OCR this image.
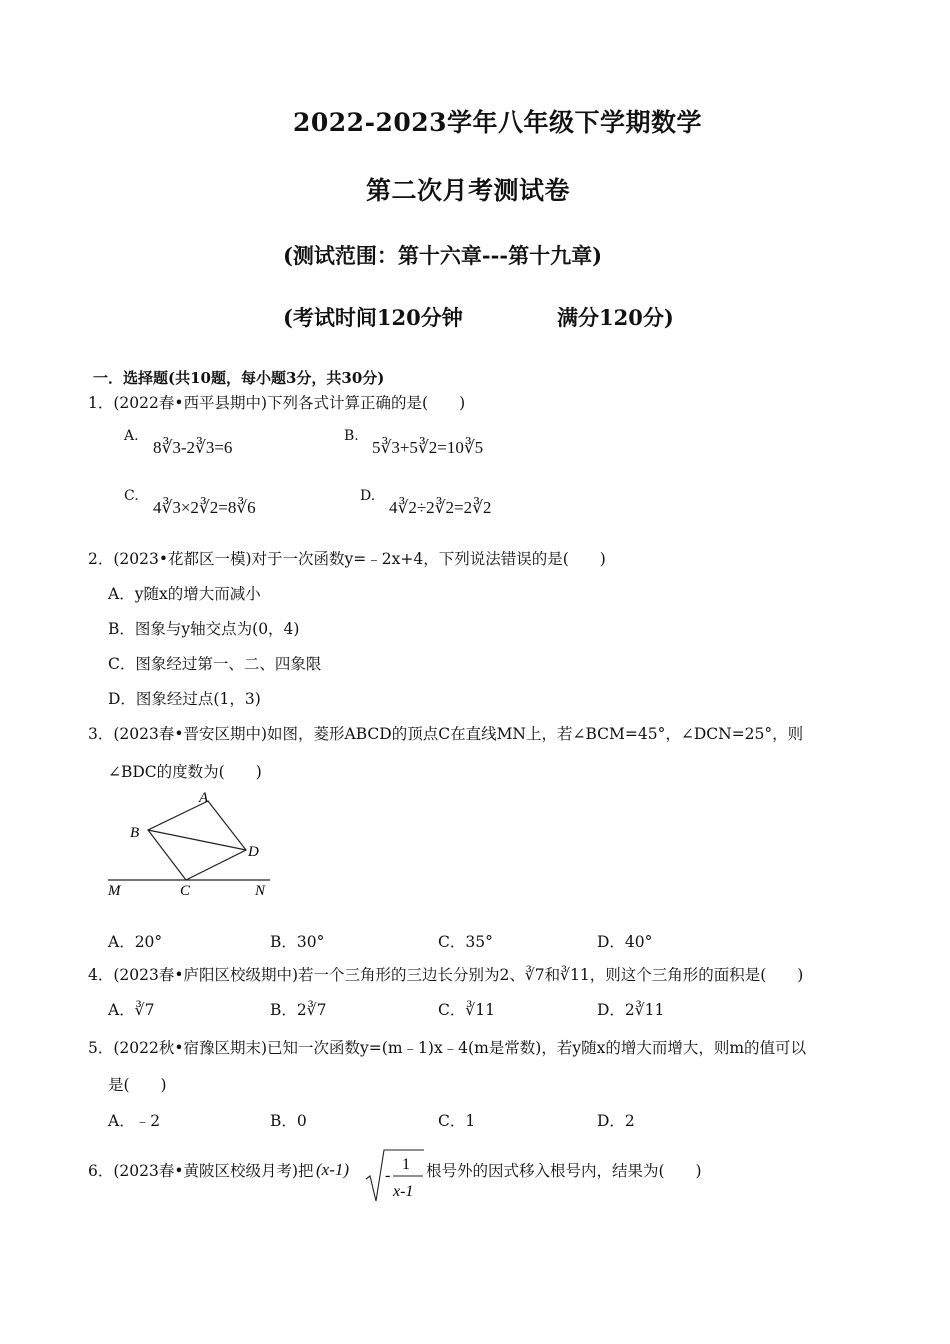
2022-2023学年八年级下学期数学
第二次月考测试卷
(测试范围：第十六章---第十九章)
(考试时间120分钟	满分120分)
一．选择题(共10题，每小题3分，共30分)
1．(2022春•西平县期中)下列各式计算正确的是(　　)
A.
8∛3-2∛3=6
B.
5∛3+5∛2=10∛5
C.
4∛3×2∛2=8∛6
D.
4∛2÷2∛2=2∛2
2．(2023•花都区一模)对于一次函数y=﹣2x+4，下列说法错误的是(　　)
A．y随x的增大而减小
B．图象与y轴交点为(0，4)
C．图象经过第一、二、四象限
D．图象经过点(1，3)
3．(2023春•晋安区期中)如图，菱形ABCD的顶点C在直线MN上，若∠BCM=45°，∠DCN=25°，则
∠BDC的度数为(　　)
A
B
C
D
M	N
A．20°	B．30°	C．35°	D．40°
4．(2023春•庐阳区校级期中)若一个三角形的三边长分别为2、∛7和∛11，则这个三角形的面积是(　　)
A．∛7	B．2∛7	C．∛11	D．2∛11
5．(2022秋•宿豫区期末)已知一次函数y=(m﹣1)x﹣4(m是常数)，若y随x的增大而增大，则m的值可以
是(　　)
A．﹣2	B．0	C．1	D．2
6．(2023春•黄陂区校级月考)把 (x-1) -
1
x-1
根号外的因式移入根号内，结果为(　　)
